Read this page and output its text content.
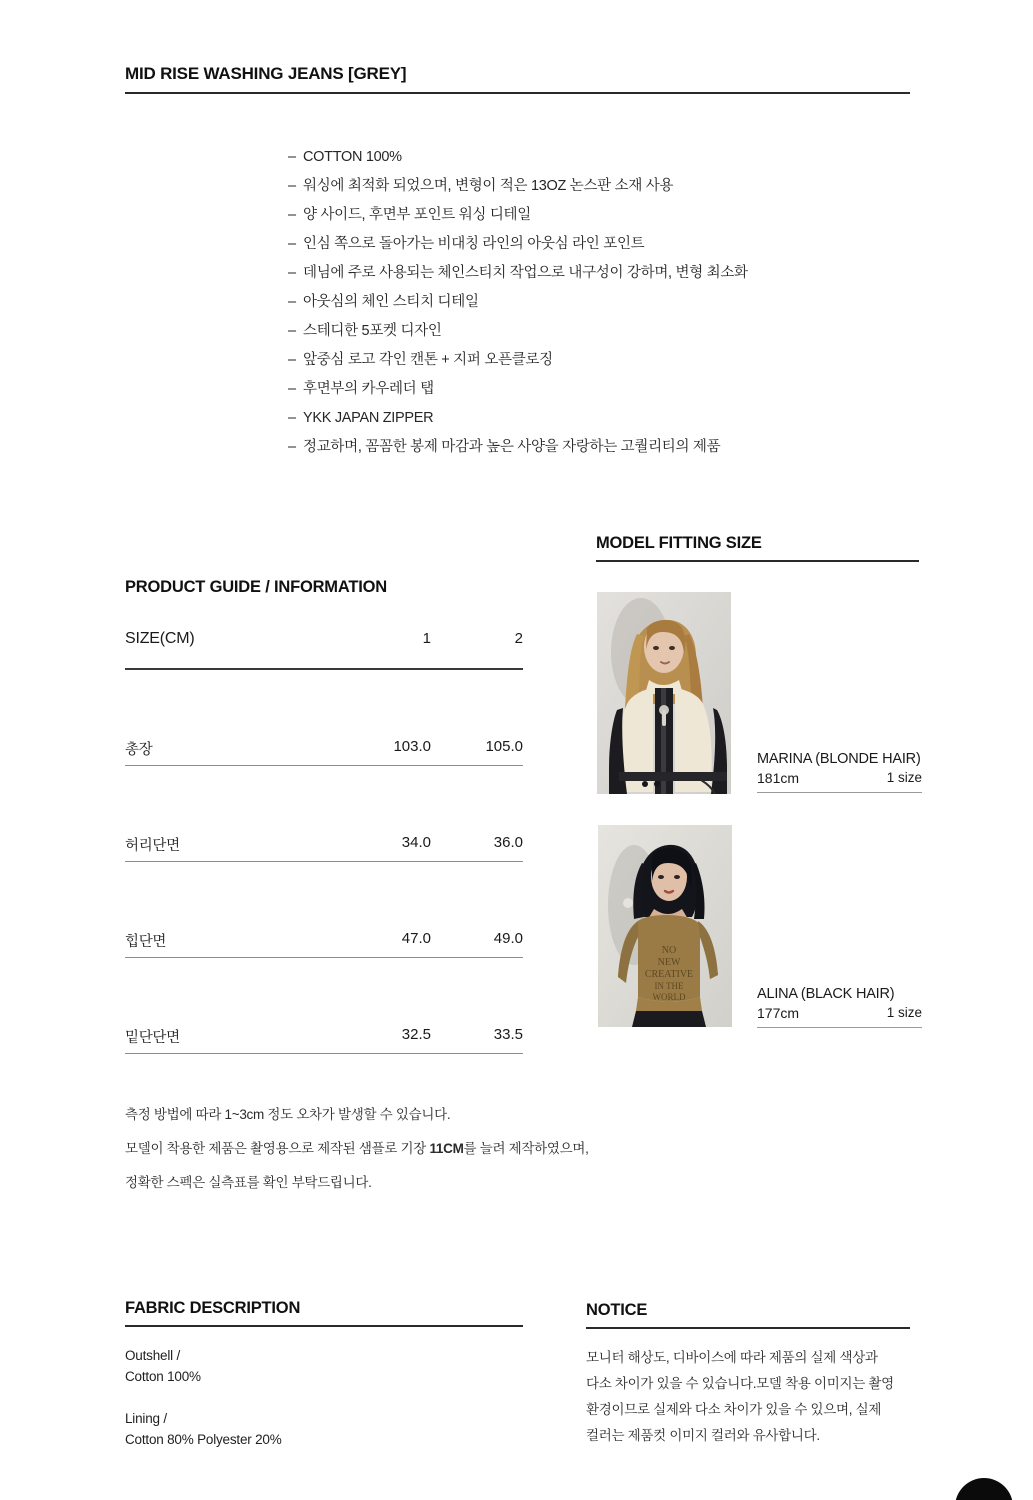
MID RISE WASHING JEANS [GREY]
– COTTON 100%
– 워싱에 최적화 되었으며, 변형이 적은 13OZ 논스판 소재 사용
– 양 사이드, 후면부 포인트 워싱 디테일
– 인심 쪽으로 돌아가는 비대칭 라인의 아웃심 라인 포인트
– 데님에 주로 사용되는 체인스티치 작업으로 내구성이 강하며, 변형 최소화
– 아웃심의 체인 스티치 디테일
– 스테디한 5포켓 디자인
– 앞중심 로고 각인 캔톤 + 지퍼 오픈클로징
– 후면부의 카우레더 탭
– YKK JAPAN ZIPPER
– 정교하며, 꼼꼼한 봉제 마감과 높은 사양을 자랑하는 고퀄리티의 제품
PRODUCT GUIDE / INFORMATION
SIZE(CM)	1	2
총장	103.0	105.0
허리단면	34.0	36.0
힙단면	47.0	49.0
밑단단면	32.5	33.5
MODEL FITTING SIZE
MARINA (BLONDE HAIR)
181cm	1 size
NO
NEW
CREATIVE
IN THE
WORLD	ALINA (BLACK HAIR)
177cm	1 size
측정 방법에 따라 1~3cm 정도 오차가 발생할 수 있습니다.
모델이 착용한 제품은 촬영용으로 제작된 샘플로 기장 11CM를 늘려 제작하였으며,
정확한 스펙은 실측표를 확인 부탁드립니다.
FABRIC DESCRIPTION
Outshell /
Cotton 100%
Lining /
Cotton 80% Polyester 20%
NOTICE
모니터 해상도, 디바이스에 따라 제품의 실제 색상과
다소 차이가 있을 수 있습니다.모델 착용 이미지는 촬영
환경이므로 실제와 다소 차이가 있을 수 있으며, 실제
컬러는 제품컷 이미지 컬러와 유사합니다.
